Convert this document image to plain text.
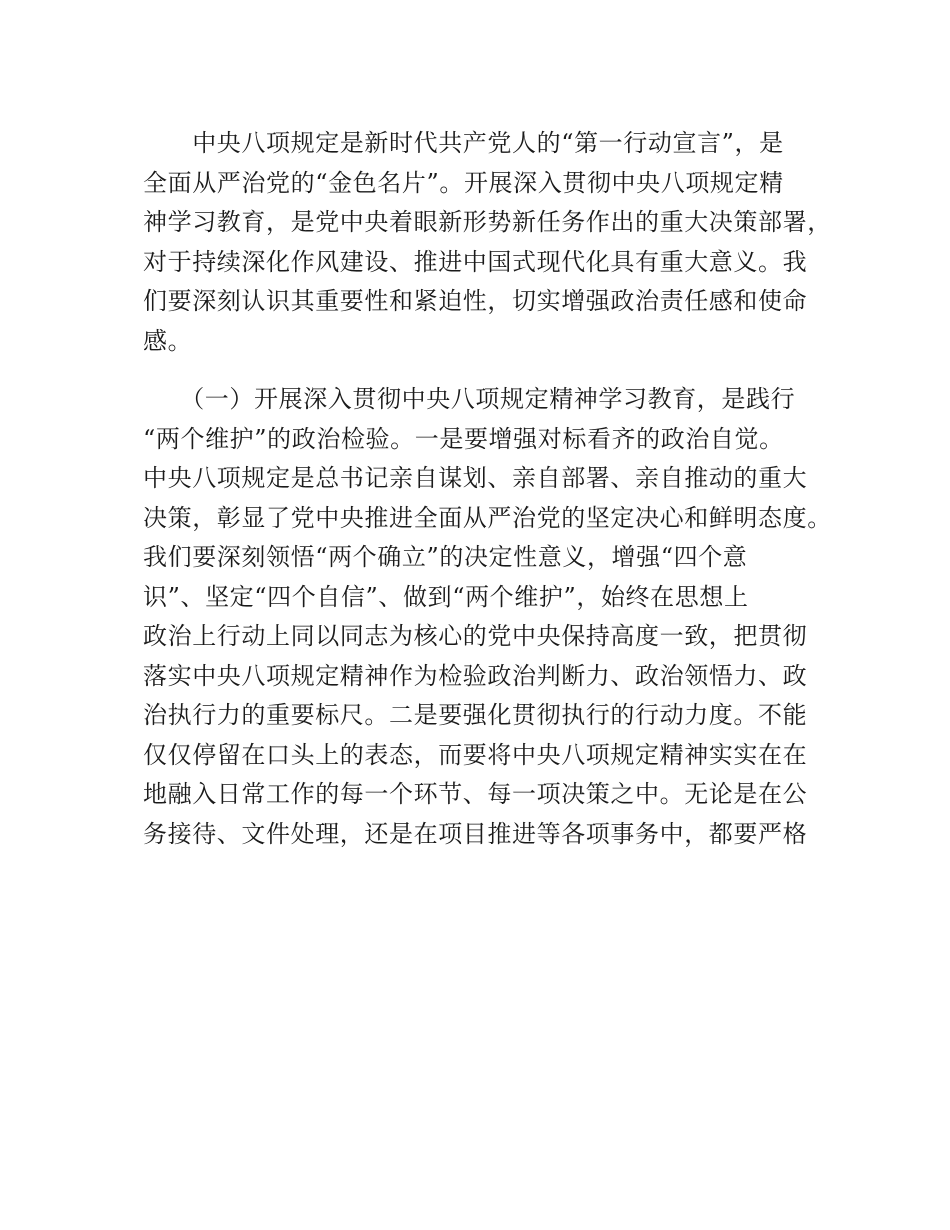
　　中央八项规定是新时代共产党人的“第一行动宣言”，是
全面从严治党的“金色名片”。开展深入贯彻中央八项规定精
神学习教育，是党中央着眼新形势新任务作出的重大决策部署，
对于持续深化作风建设、推进中国式现代化具有重大意义。我
们要深刻认识其重要性和紧迫性，切实增强政治责任感和使命
感。
　　（一）开展深入贯彻中央八项规定精神学习教育，是践行
“两个维护”的政治检验。一是要增强对标看齐的政治自觉。
中央八项规定是总书记亲自谋划、亲自部署、亲自推动的重大
决策，彰显了党中央推进全面从严治党的坚定决心和鲜明态度。
我们要深刻领悟“两个确立”的决定性意义，增强“四个意
识”、坚定“四个自信”、做到“两个维护”，始终在思想上
政治上行动上同以同志为核心的党中央保持高度一致，把贯彻
落实中央八项规定精神作为检验政治判断力、政治领悟力、政
治执行力的重要标尺。二是要强化贯彻执行的行动力度。不能
仅仅停留在口头上的表态，而要将中央八项规定精神实实在在
地融入日常工作的每一个环节、每一项决策之中。无论是在公
务接待、文件处理，还是在项目推进等各项事务中，都要严格
